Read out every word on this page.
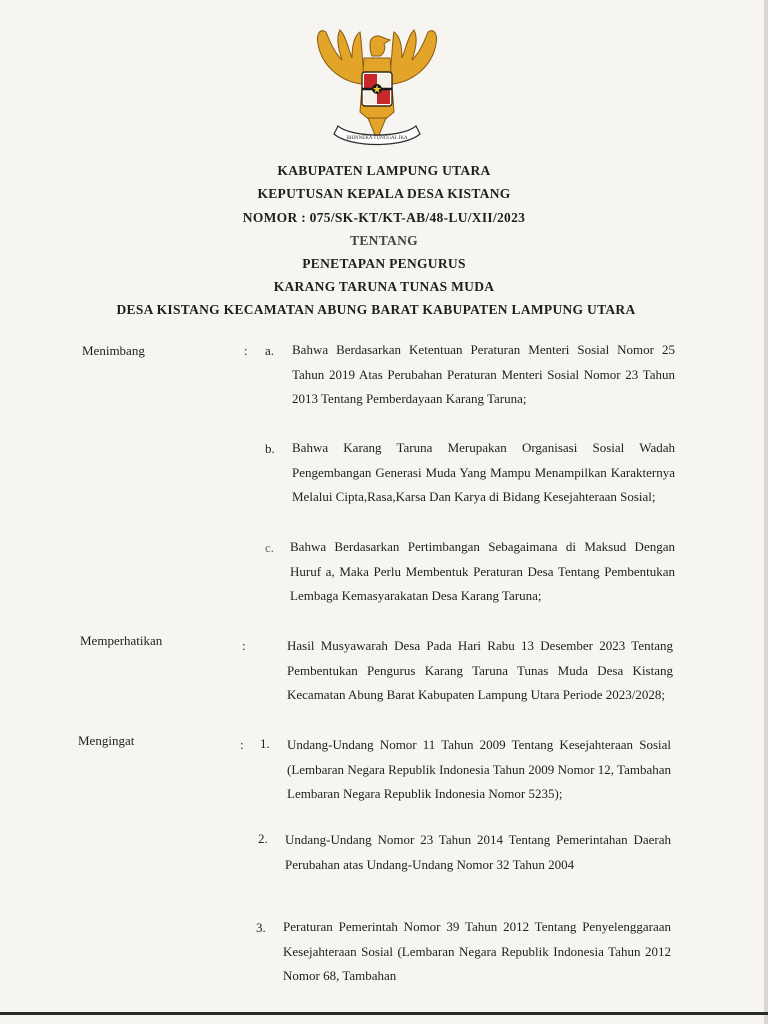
BHINNEKA TUNGGAL IKA
KABUPATEN LAMPUNG UTARA
KEPUTUSAN KEPALA DESA KISTANG
NOMOR : 075/SK-KT/KT-AB/48-LU/XII/2023
TENTANG
PENETAPAN PENGURUS
KARANG TARUNA TUNAS MUDA
DESA KISTANG KECAMATAN ABUNG BARAT KABUPATEN LAMPUNG UTARA
Menimbang	: a. Bahwa Berdasarkan Ketentuan Peraturan Menteri Sosial Nomor 25 Tahun 2019 Atas Perubahan Peraturan Menteri Sosial Nomor 23 Tahun 2013 Tentang Pemberdayaan Karang Taruna;
b. Bahwa Karang Taruna Merupakan Organisasi Sosial Wadah Pengembangan Generasi Muda Yang Mampu Menampilkan Karakternya Melalui Cipta,Rasa,Karsa Dan Karya di Bidang Kesejahteraan Sosial;
c. Bahwa Berdasarkan Pertimbangan Sebagaimana di Maksud Dengan Huruf a, Maka Perlu Membentuk Peraturan Desa Tentang Pembentukan Lembaga Kemasyarakatan Desa Karang Taruna;
Memperhatikan	:	Hasil Musyawarah Desa Pada Hari Rabu 13 Desember 2023 Tentang Pembentukan Pengurus Karang Taruna Tunas Muda Desa Kistang Kecamatan Abung Barat Kabupaten Lampung Utara Periode 2023/2028;
Mengingat	: 1. Undang-Undang Nomor 11 Tahun 2009 Tentang Kesejahteraan Sosial (Lembaran Negara Republik Indonesia Tahun 2009 Nomor 12, Tambahan Lembaran Negara Republik Indonesia Nomor 5235);
2. Undang-Undang Nomor 23 Tahun 2014 Tentang Pemerintahan Daerah Perubahan atas Undang-Undang Nomor 32 Tahun 2004
3. Peraturan Pemerintah Nomor 39 Tahun 2012 Tentang Penyelenggaraan Kesejahteraan Sosial (Lembaran Negara Republik Indonesia Tahun 2012 Nomor 68, Tambahan
